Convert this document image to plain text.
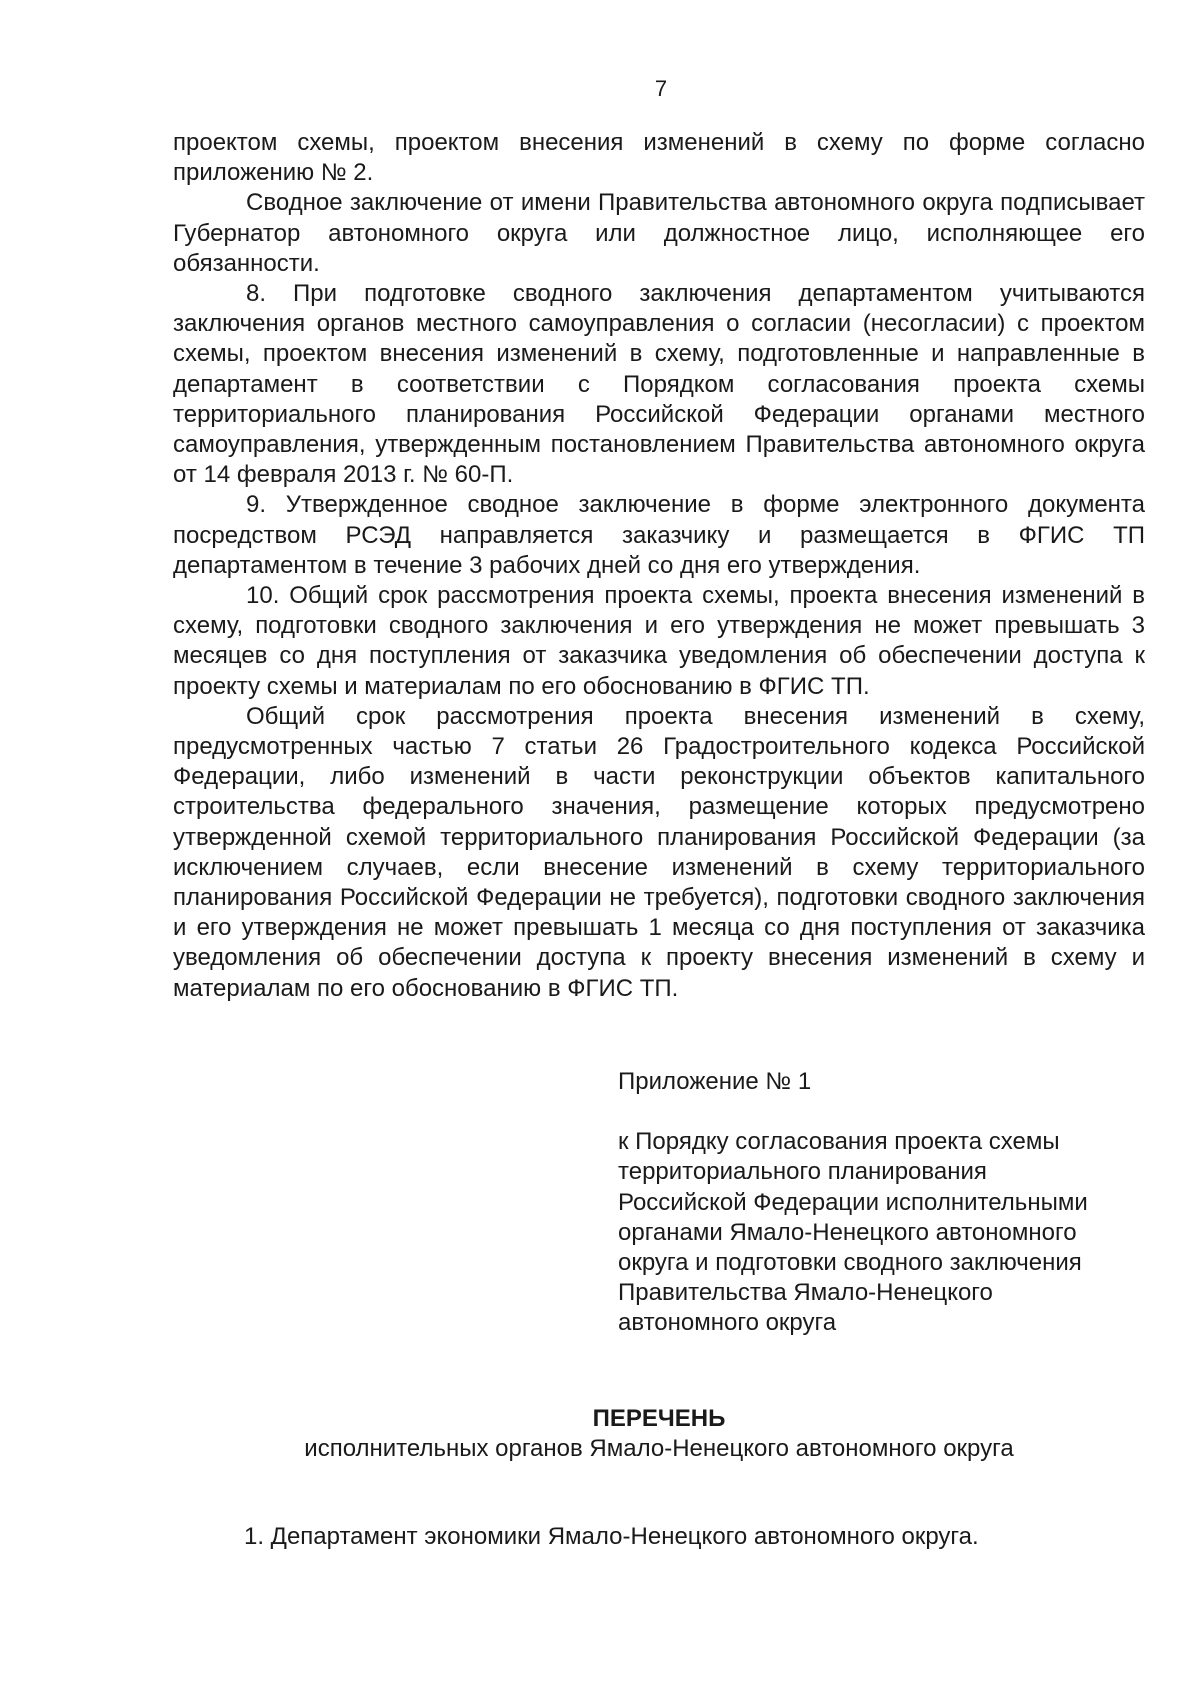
7

проектом схемы, проектом внесения изменений в схему по форме согласно приложению № 2.

Сводное заключение от имени Правительства автономного округа подписывает Губернатор автономного округа или должностное лицо, исполняющее его обязанности.

8. При подготовке сводного заключения департаментом учитываются заключения органов местного самоуправления о согласии (несогласии) с проектом схемы, проектом внесения изменений в схему, подготовленные и направленные в департамент в соответствии с Порядком согласования проекта схемы территориального планирования Российской Федерации органами местного самоуправления, утвержденным постановлением Правительства автономного округа от 14 февраля 2013 г. № 60-П.

9. Утвержденное сводное заключение в форме электронного документа посредством РСЭД направляется заказчику и размещается в ФГИС ТП департаментом в течение 3 рабочих дней со дня его утверждения.

10. Общий срок рассмотрения проекта схемы, проекта внесения изменений в схему, подготовки сводного заключения и его утверждения не может превышать 3 месяцев со дня поступления от заказчика уведомления об обеспечении доступа к проекту схемы и материалам по его обоснованию в ФГИС ТП.

Общий срок рассмотрения проекта внесения изменений в схему, предусмотренных частью 7 статьи 26 Градостроительного кодекса Российской Федерации, либо изменений в части реконструкции объектов капитального строительства федерального значения, размещение которых предусмотрено утвержденной схемой территориального планирования Российской Федерации (за исключением случаев, если внесение изменений в схему территориального планирования Российской Федерации не требуется), подготовки сводного заключения и его утверждения не может превышать 1 месяца со дня поступления от заказчика уведомления об обеспечении доступа к проекту внесения изменений в схему и материалам по его обоснованию в ФГИС ТП.

Приложение № 1

к Порядку согласования проекта схемы
территориального планирования
Российской Федерации исполнительными
органами Ямало-Ненецкого автономного
округа и подготовки сводного заключения
Правительства Ямало-Ненецкого
автономного округа

ПЕРЕЧЕНЬ

исполнительных органов Ямало-Ненецкого автономного округа

1. Департамент экономики Ямало-Ненецкого автономного округа.
